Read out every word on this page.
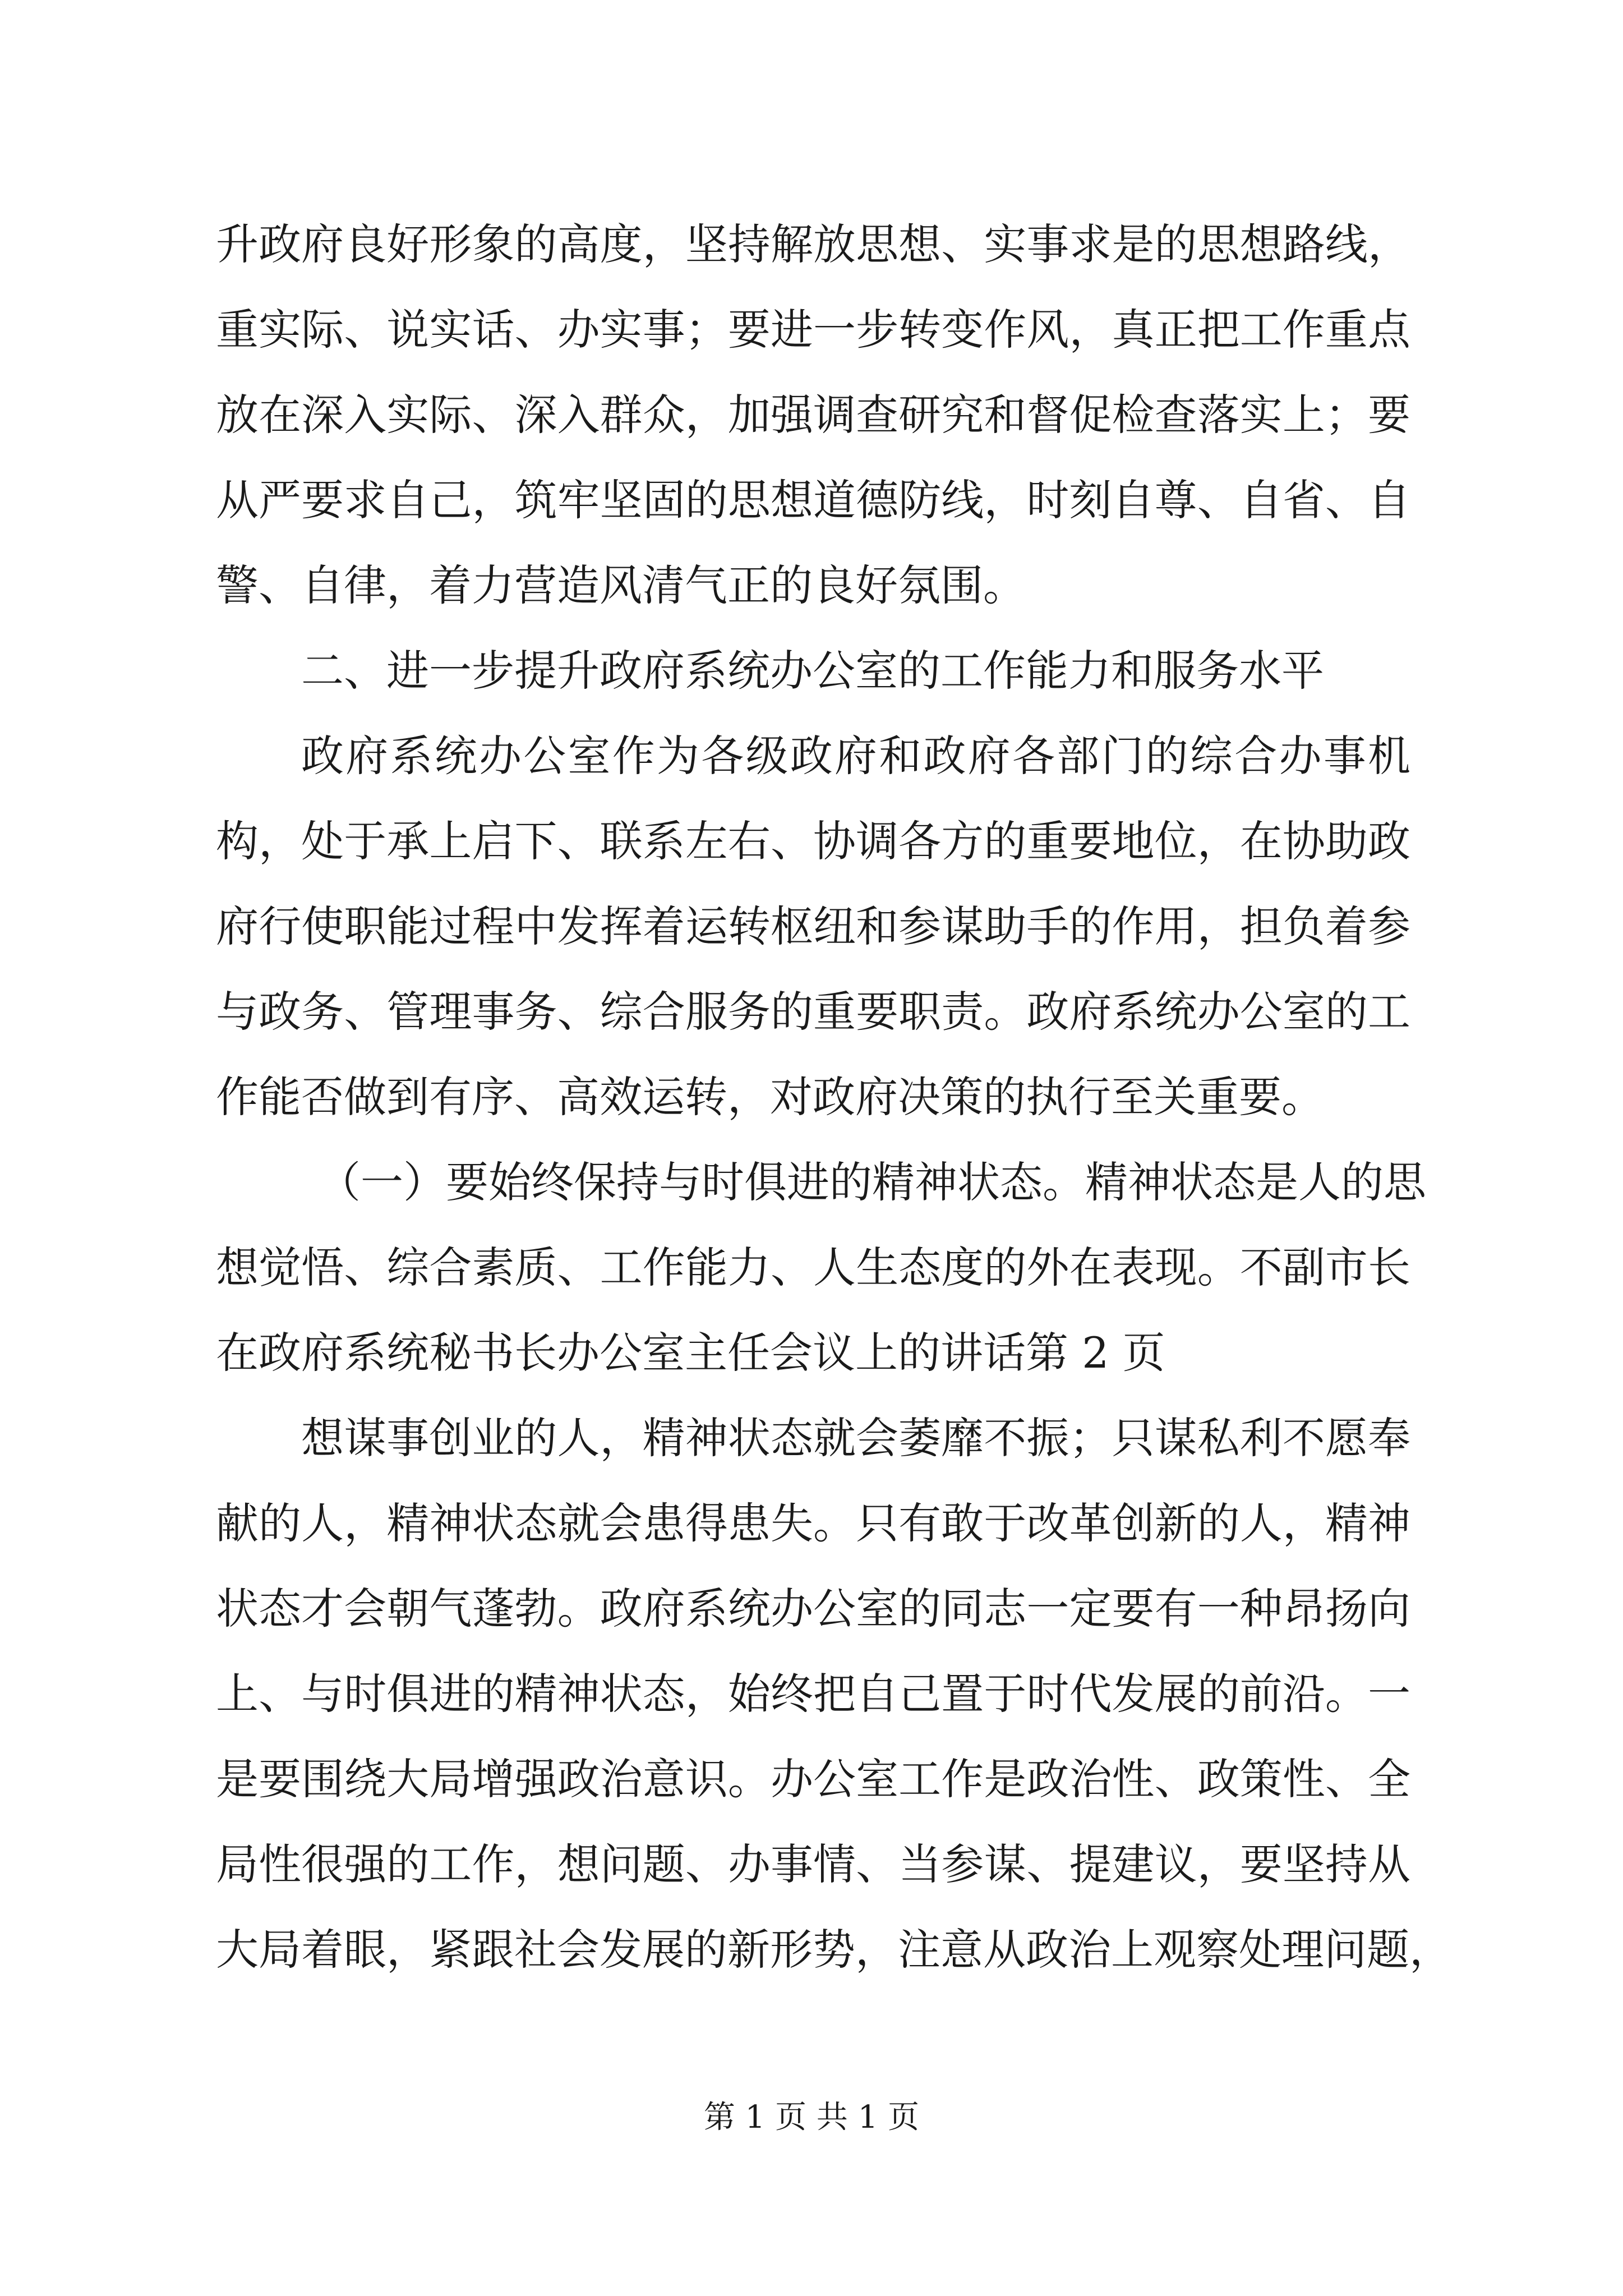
升政府良好形象的高度，坚持解放思想、实事求是的思想路线，
重实际、说实话、办实事；要进一步转变作风，真正把工作重点
放在深入实际、深入群众，加强调查研究和督促检查落实上；要
从严要求自己，筑牢坚固的思想道德防线，时刻自尊、自省、自
警、自律，着力营造风清气正的良好氛围。
二、进一步提升政府系统办公室的工作能力和服务水平
政府系统办公室作为各级政府和政府各部门的综合办事机
构，处于承上启下、联系左右、协调各方的重要地位，在协助政
府行使职能过程中发挥着运转枢纽和参谋助手的作用，担负着参
与政务、管理事务、综合服务的重要职责。政府系统办公室的工
作能否做到有序、高效运转，对政府决策的执行至关重要。
（一）要始终保持与时俱进的精神状态。精神状态是人的思
想觉悟、综合素质、工作能力、人生态度的外在表现。不副市长
在政府系统秘书长办公室主任会议上的讲话第 2 页
想谋事创业的人，精神状态就会萎靡不振；只谋私利不愿奉
献的人，精神状态就会患得患失。只有敢于改革创新的人，精神
状态才会朝气蓬勃。政府系统办公室的同志一定要有一种昂扬向
上、与时俱进的精神状态，始终把自己置于时代发展的前沿。一
是要围绕大局增强政治意识。办公室工作是政治性、政策性、全
局性很强的工作，想问题、办事情、当参谋、提建议，要坚持从
大局着眼，紧跟社会发展的新形势，注意从政治上观察处理问题，
第 1 页 共 1 页
